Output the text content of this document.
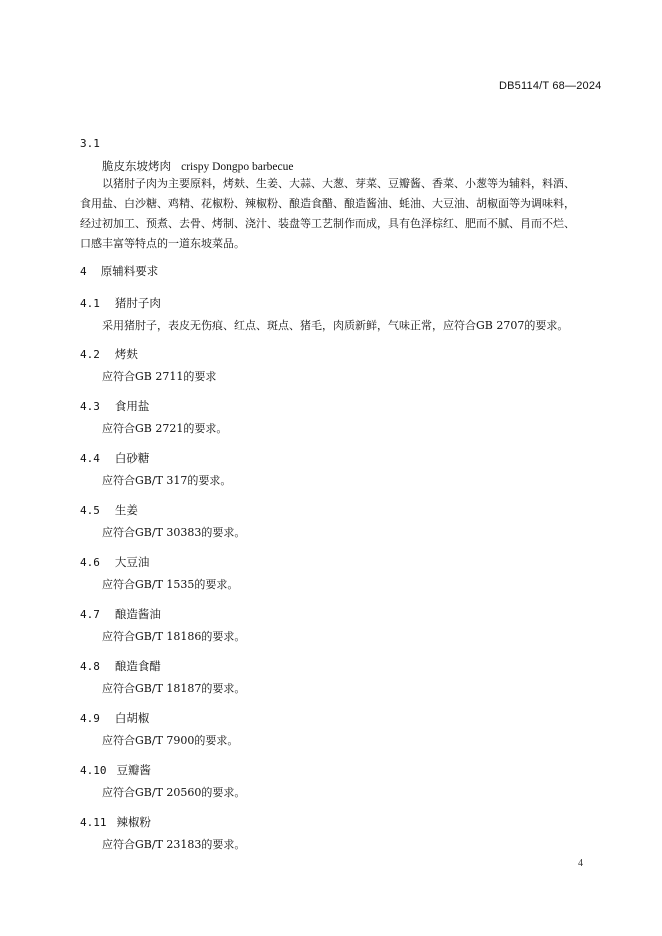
DB5114/T 68—2024
3.1
脆皮东坡烤肉 crispy Dongpo barbecue
以猪肘子肉为主要原料，烤麸、生姜、大蒜、大葱、芽菜、豆瓣酱、香菜、小葱等为辅料，料酒、
食用盐、白沙糖、鸡精、花椒粉、辣椒粉、酿造食醋、酿造酱油、蚝油、大豆油、胡椒面等为调味料，
经过初加工、预煮、去骨、烤制、浇汁、装盘等工艺制作而成，具有色泽棕红、肥而不腻、肙而不烂、
口感丰富等特点的一道东坡菜品。
4 原辅料要求
4.1 猪肘子肉
采用猪肘子，表皮无伤痕、红点、斑点、猪毛，肉质新鲜，气味正常，应符合GB 2707的要求。
4.2 烤麸
应符合GB 2711的要求
4.3 食用盐
应符合GB 2721的要求。
4.4 白砂糖
应符合GB/T 317的要求。
4.5 生姜
应符合GB/T 30383的要求。
4.6 大豆油
应符合GB/T 1535的要求。
4.7 酿造酱油
应符合GB/T 18186的要求。
4.8 酿造食醋
应符合GB/T 18187的要求。
4.9 白胡椒
应符合GB/T 7900的要求。
4.10 豆瓣酱
应符合GB/T 20560的要求。
4.11 辣椒粉
应符合GB/T 23183的要求。
4
